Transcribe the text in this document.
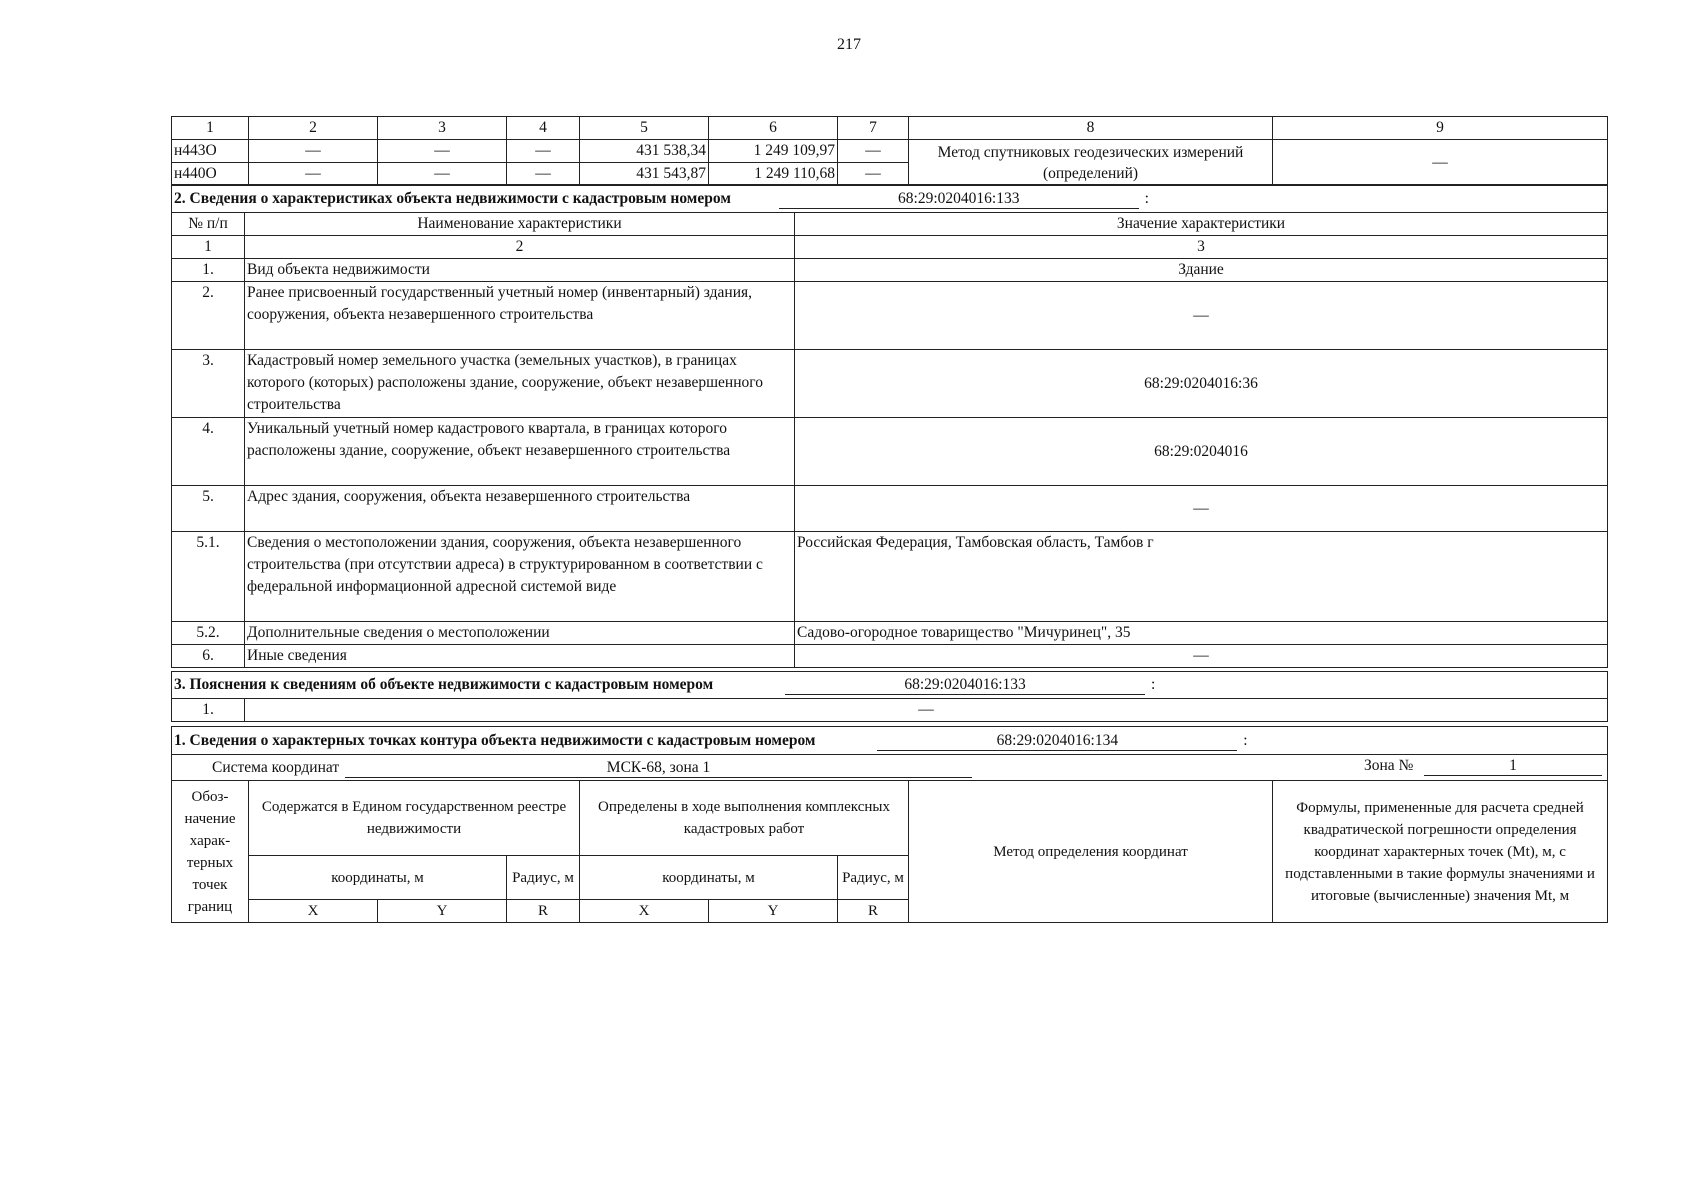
217
1	2	3	4	5	6	7	8	9
н443О	—	—	—	431 538,34	1 249 109,97	—	Метод спутниковых геодезических измерений (определений)	—
н440О	—	—	—	431 543,87	1 249 110,68	—		
2. Сведения о характеристиках объекта недвижимости с кадастровым номером 68:29:0204016:133 :		
№ п/п	Наименование характеристики	Значение характеристики
1	2	3
1.	Вид объекта недвижимости	Здание
2.	Ранее присвоенный государственный учетный номер (инвентарный) здания, сооружения, объекта незавершенного строительства	—
3.	Кадастровый номер земельного участка (земельных участков), в границах которого (которых) расположены здание, сооружение, объект незавершенного строительства	68:29:0204016:36
4.	Уникальный учетный номер кадастрового квартала, в границах которого расположены здание, сооружение, объект незавершенного строительства	68:29:0204016
5.	Адрес здания, сооружения, объекта незавершенного строительства	—
5.1.	Сведения о местоположении здания, сооружения, объекта незавершенного строительства (при отсутствии адреса) в структурированном в соответствии с федеральной информационной адресной системой виде	Российская Федерация, Тамбовская область, Тамбов г
5.2.	Дополнительные сведения о местоположении	Садово-огородное товарищество "Мичуринец", 35
6.	Иные сведения	—
3. Пояснения к сведениям об объекте недвижимости с кадастровым номером	68:29:0204016:133	:
1.	—
1. Сведения о характерных точках контура объекта недвижимости с кадастровым номером 68:29:0204016:134 :								
Система координат МСК-68, зона 1 Зона № 1								

Обоз-начение харак-терных точек границ	Содержатся в Едином государственном реестре недвижимости			Определены в ходе выполнения комплексных кадастровых работ			Метод определения координат	Формулы, примененные для расчета средней квадратической погрешности определения координат характерных точек (Mt), м, с подставленными в такие формулы значениями и итоговые (вычисленные) значения Mt, м
	координаты, м		Радиус, м	координаты, м		Радиус, м		
	X	Y	R	X	Y	R		
